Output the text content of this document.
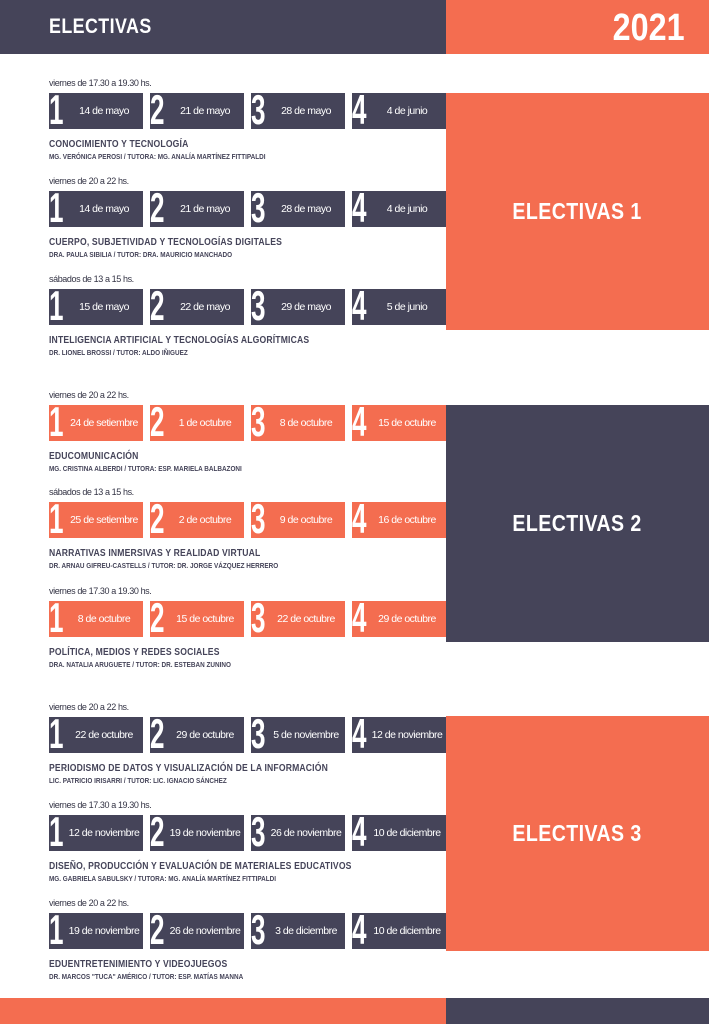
ELECTIVAS	2021
ELECTIVAS 1
ELECTIVAS 2
ELECTIVAS 3
viernes de 17.30 a 19.30 hs.
1	14 de mayo 2	21 de mayo 3	28 de mayo 4	4 de junio
CONOCIMIENTO Y TECNOLOGÍA
MG. VERÓNICA PEROSI / TUTORA: MG. ANALÍA MARTÍNEZ FITTIPALDI
viernes de 20 a 22 hs.
1	14 de mayo 2	21 de mayo 3	28 de mayo 4	4 de junio
CUERPO, SUBJETIVIDAD Y TECNOLOGÍAS DIGITALES
DRA. PAULA SIBILIA / TUTOR: DRA. MAURICIO MANCHADO
sábados de 13 a 15 hs.
1	15 de mayo 2	22 de mayo 3	29 de mayo 4	5 de junio
INTELIGENCIA ARTIFICIAL Y TECNOLOGÍAS ALGORÍTMICAS
DR. LIONEL BROSSI / TUTOR: ALDO IÑIGUEZ
viernes de 20 a 22 hs.
1 24 de setiembre 2	1 de octubre 3	8 de octubre 4	15 de octubre
EDUCOMUNICACIÓN
MG. CRISTINA ALBERDI / TUTORA: ESP. MARIELA BALBAZONI
sábados de 13 a 15 hs.
1 25 de setiembre 2	2 de octubre 3	9 de octubre 4	16 de octubre
NARRATIVAS INMERSIVAS Y REALIDAD VIRTUAL
DR. ARNAU GIFREU-CASTELLS / TUTOR: DR. JORGE VÁZQUEZ HERRERO
viernes de 17.30 a 19.30 hs.
1	8 de octubre 2	15 de octubre 3	22 de octubre 4	29 de octubre
POLÍTICA, MEDIOS Y REDES SOCIALES
DRA. NATALIA ARUGUETE / TUTOR: DR. ESTEBAN ZUNINO
viernes de 20 a 22 hs.
1	22 de octubre 2	29 de octubre 3 5 de noviembre 4 12 de noviembre
PERIODISMO DE DATOS Y VISUALIZACIÓN DE LA INFORMACIÓN
LIC. PATRICIO IRISARRI / TUTOR: LIC. IGNACIO SÁNCHEZ
viernes de 17.30 a 19.30 hs.
1 12 de noviembre 2 19 de noviembre 3 26 de noviembre 4 10 de diciembre
DISEÑO, PRODUCCIÓN Y EVALUACIÓN DE MATERIALES EDUCATIVOS
MG. GABRIELA SABULSKY / TUTORA: MG. ANALÍA MARTÍNEZ FITTIPALDI
viernes de 20 a 22 hs.
1 19 de noviembre 2 26 de noviembre 3 3 de diciembre 4 10 de diciembre
EDUENTRETENIMIENTO Y VIDEOJUEGOS
DR. MARCOS "TUCA" AMÉRICO / TUTOR: ESP. MATÍAS MANNA
